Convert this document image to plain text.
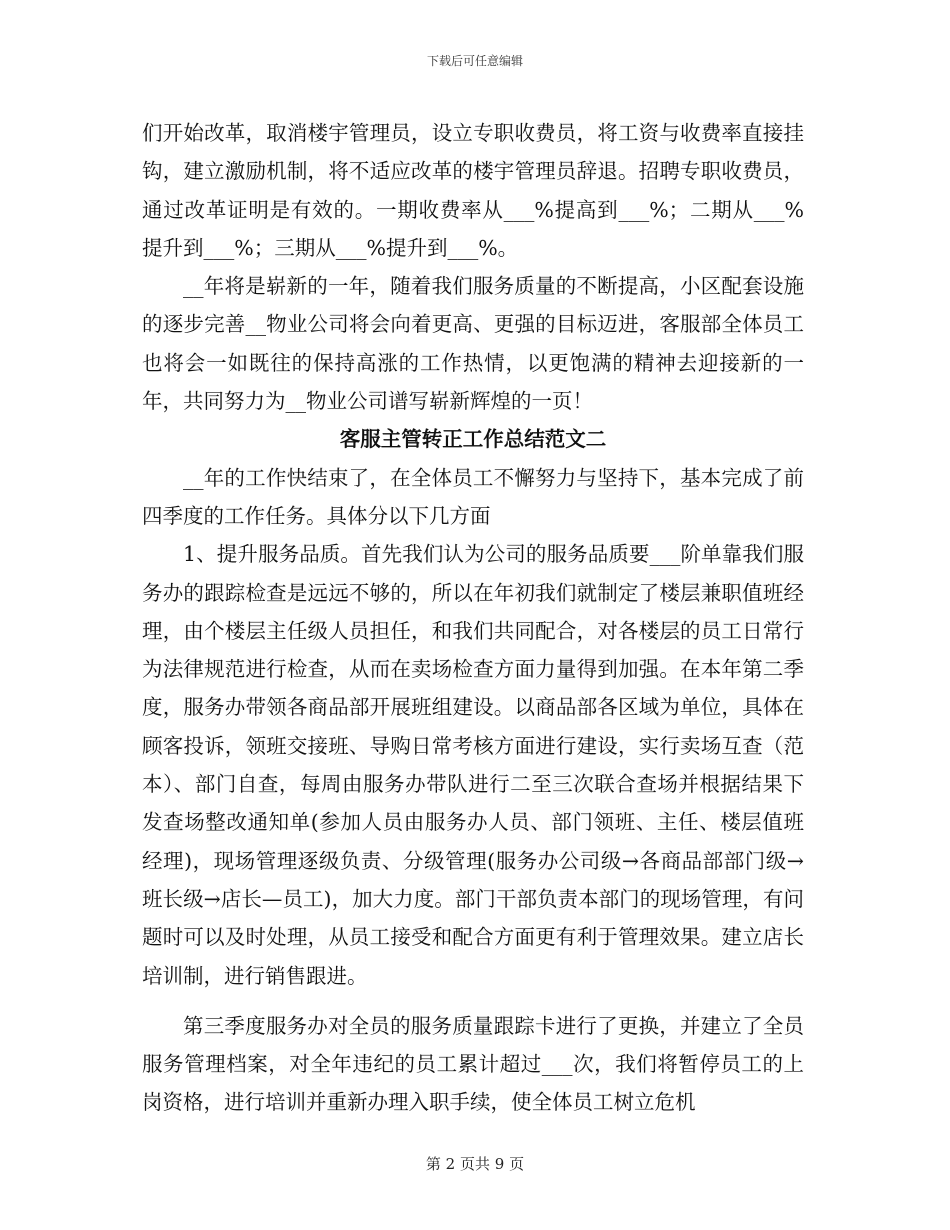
下载后可任意编辑

们开始改革，取消楼宇管理员，设立专职收费员，将工资与收费率直接挂钩，建立激励机制，将不适应改革的楼宇管理员辞退。招聘专职收费员，通过改革证明是有效的。一期收费率从___%提高到___%；二期从___%提升到___%；三期从___%提升到___%。

__年将是崭新的一年，随着我们服务质量的不断提高，小区配套设施的逐步完善__物业公司将会向着更高、更强的目标迈进，客服部全体员工也将会一如既往的保持高涨的工作热情，以更饱满的精神去迎接新的一年，共同努力为__物业公司谱写崭新辉煌的一页！

客服主管转正工作总结范文二

__年的工作快结束了，在全体员工不懈努力与坚持下，基本完成了前四季度的工作任务。具体分以下几方面

1、提升服务品质。首先我们认为公司的服务品质要___阶单靠我们服务办的跟踪检查是远远不够的，所以在年初我们就制定了楼层兼职值班经理，由个楼层主任级人员担任，和我们共同配合，对各楼层的员工日常行为法律规范进行检查，从而在卖场检查方面力量得到加强。在本年第二季度，服务办带领各商品部开展班组建设。以商品部各区域为单位，具体在顾客投诉，领班交接班、导购日常考核方面进行建设，实行卖场互查（范本）、部门自查，每周由服务办带队进行二至三次联合查场并根据结果下发查场整改通知单(参加人员由服务办人员、部门领班、主任、楼层值班经理)，现场管理逐级负责、分级管理(服务办公司级→各商品部部门级→班长级→店长—员工)，加大力度。部门干部负责本部门的现场管理，有问题时可以及时处理，从员工接受和配合方面更有利于管理效果。建立店长培训制，进行销售跟进。

第三季度服务办对全员的服务质量跟踪卡进行了更换，并建立了全员服务管理档案，对全年违纪的员工累计超过___次，我们将暂停员工的上岗资格，进行培训并重新办理入职手续，使全体员工树立危机

第 2 页共 9 页
